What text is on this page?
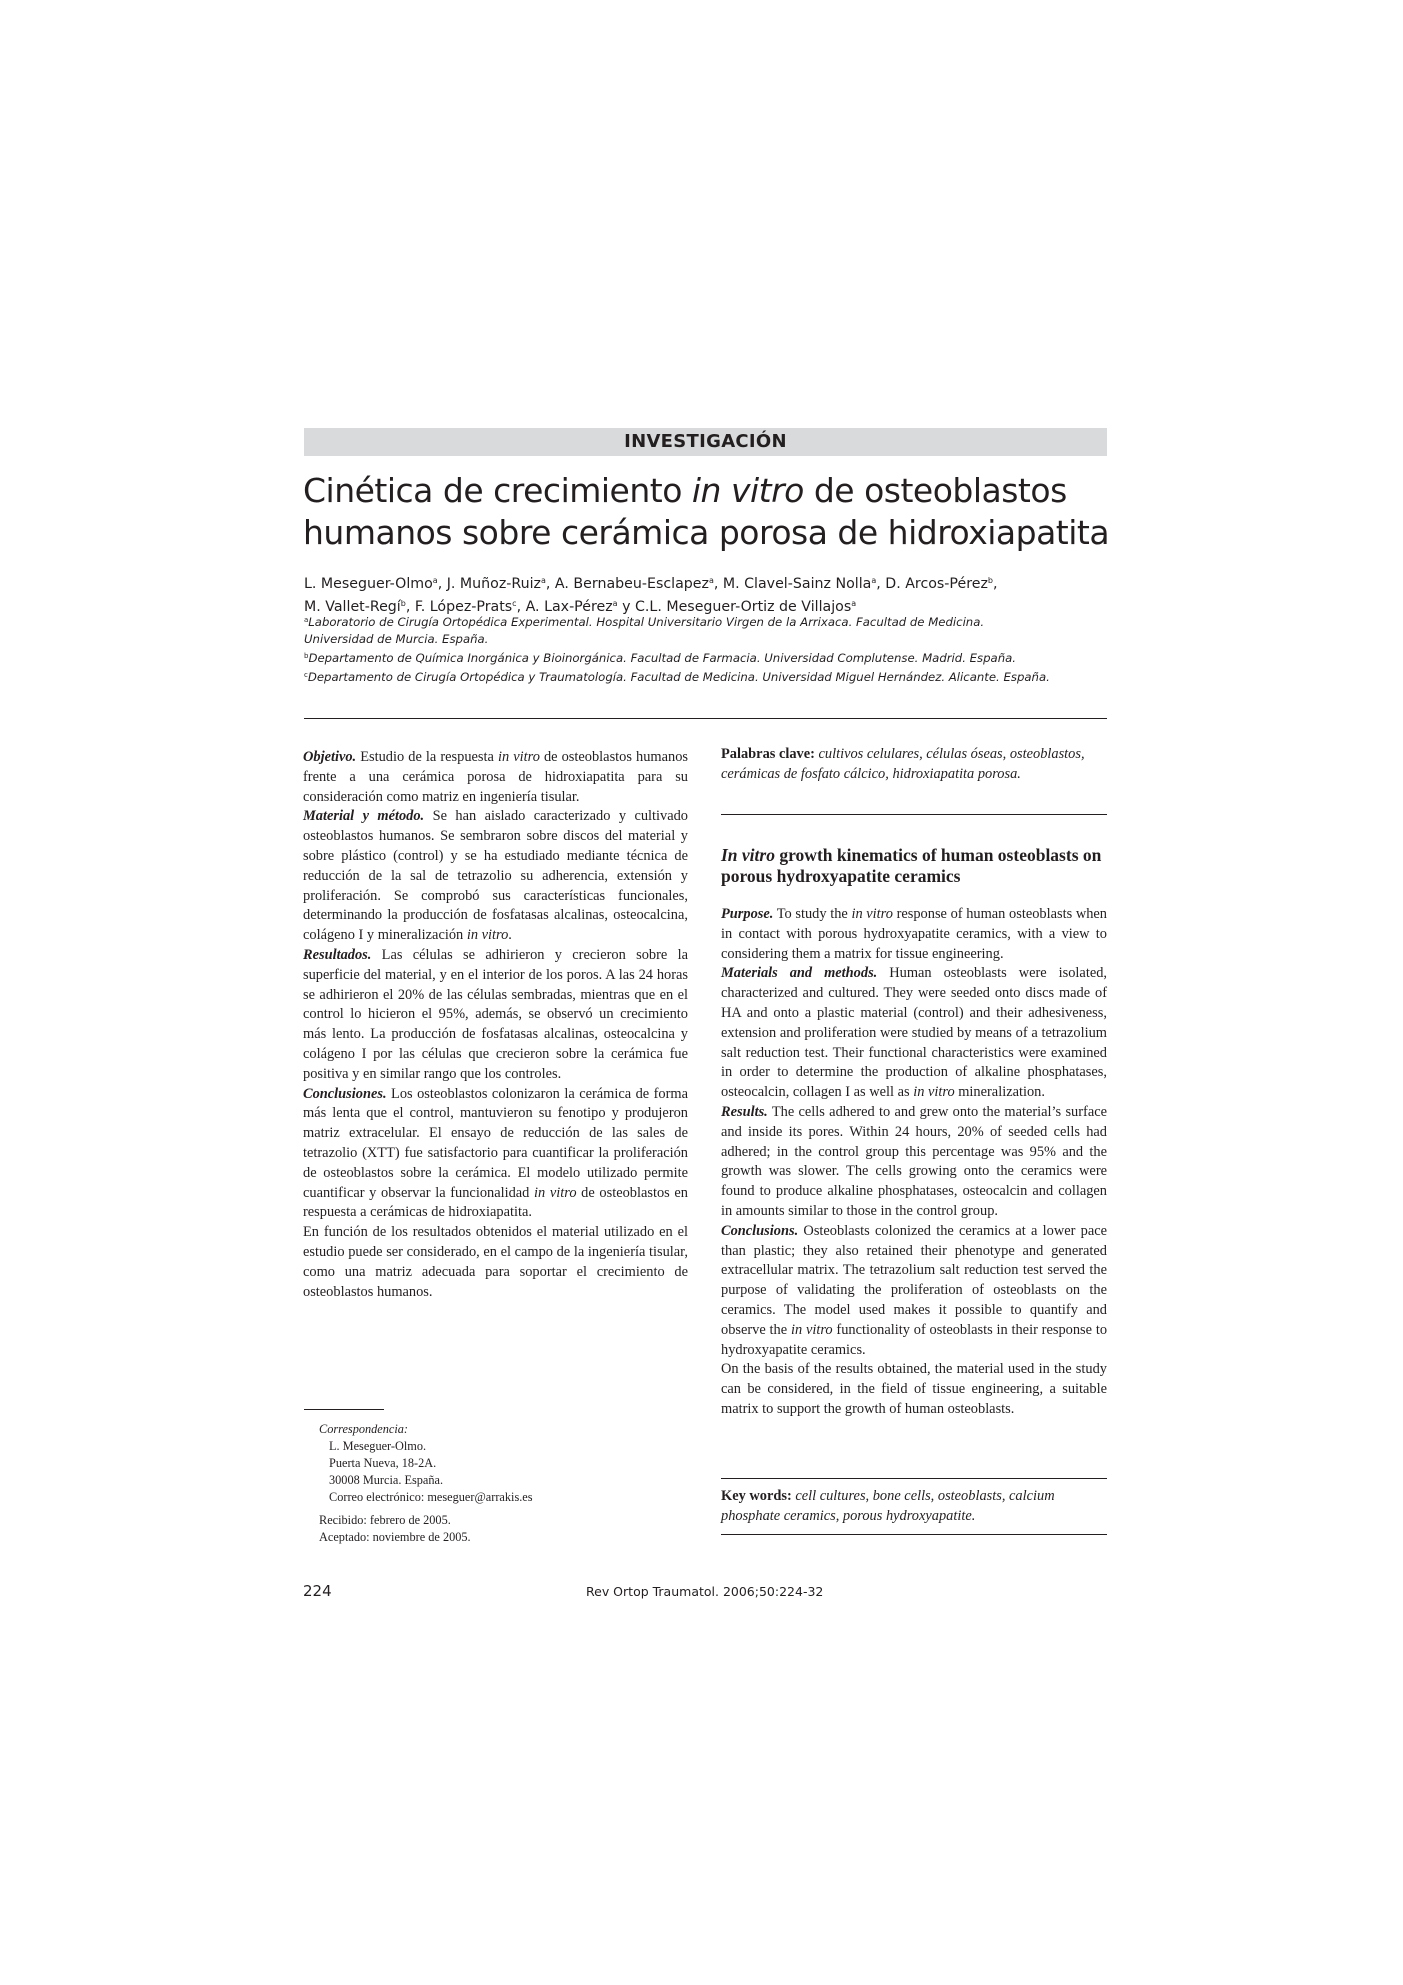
INVESTIGACIÓN
Cinética de crecimiento in vitro de osteoblastos
humanos sobre cerámica porosa de hidroxiapatita
L. Meseguer-Olmo$^a$, J. Muñoz-Ruiz$^a$, A. Bernabeu-Esclapez$^a$, M. Clavel-Sainz Nolla$^a$, D. Arcos-Pérez$^b$,
M. Vallet-Regí$^b$, F. López-Prats$^c$, A. Lax-Pérez$^a$ y C.L. Meseguer-Ortiz de Villajos$^a$
$^a$Laboratorio de Cirugía Ortopédica Experimental. Hospital Universitario Virgen de la Arrixaca. Facultad de Medicina.
Universidad de Murcia. España.
$^b$Departamento de Química Inorgánica y Bioinorgánica. Facultad de Farmacia. Universidad Complutense. Madrid. España.
$^c$Departamento de Cirugía Ortopédica y Traumatología. Facultad de Medicina. Universidad Miguel Hernández. Alicante. España.

Objetivo. Estudio de la respuesta in vitro de osteoblastos humanos frente a una cerámica porosa de hidroxiapatita para su consideración como matriz en ingeniería tisular.

Material y método. Se han aislado caracterizado y cultivado osteoblastos humanos. Se sembraron sobre discos del material y sobre plástico (control) y se ha estudiado mediante técnica de reducción de la sal de tetrazolio su adherencia, extensión y proliferación. Se comprobó sus características funcionales, determinando la producción de fosfatasas alcalinas, osteocalcina, colágeno I y mineralización in vitro.

Resultados. Las células se adhirieron y crecieron sobre la superficie del material, y en el interior de los poros. A las 24 horas se adhirieron el 20% de las células sembradas, mientras que en el control lo hicieron el 95%, además, se observó un crecimiento más lento. La producción de fosfatasas alcalinas, osteocalcina y colágeno I por las células que crecieron sobre la cerámica fue positiva y en similar rango que los controles.

Conclusiones. Los osteoblastos colonizaron la cerámica de forma más lenta que el control, mantuvieron su fenotipo y produjeron matriz extracelular. El ensayo de reducción de las sales de tetrazolio (XTT) fue satisfactorio para cuantificar la proliferación de osteoblastos sobre la cerámica. El modelo utilizado permite cuantificar y observar la funcionalidad in vitro de osteoblastos en respuesta a cerámicas de hidroxiapatita.

En función de los resultados obtenidos el material utilizado en el estudio puede ser considerado, en el campo de la ingeniería tisular, como una matriz adecuada para soportar el crecimiento de osteoblastos humanos.

Correspondencia:
L. Meseguer-Olmo.
Puerta Nueva, 18-2A.
30008 Murcia. España.
Correo electrónico: meseguer@arrakis.es
Recibido: febrero de 2005.
Aceptado: noviembre de 2005.

Palabras clave: cultivos celulares, células óseas, osteoblastos, cerámicas de fosfato cálcico, hidroxiapatita porosa.

In vitro growth kinematics of human osteoblasts on porous hydroxyapatite ceramics

Purpose. To study the in vitro response of human osteoblasts when in contact with porous hydroxyapatite ceramics, with a view to considering them a matrix for tissue engineering.

Materials and methods. Human osteoblasts were isolated, characterized and cultured. They were seeded onto discs made of HA and onto a plastic material (control) and their adhesiveness, extension and proliferation were studied by means of a tetrazolium salt reduction test. Their functional characteristics were examined in order to determine the production of alkaline phosphatases, osteocalcin, collagen I as well as in vitro mineralization.

Results. The cells adhered to and grew onto the material’s surface and inside its pores. Within 24 hours, 20% of seeded cells had adhered; in the control group this percentage was 95% and the growth was slower. The cells growing onto the ceramics were found to produce alkaline phosphatases, osteocalcin and collagen in amounts similar to those in the control group.

Conclusions. Osteoblasts colonized the ceramics at a lower pace than plastic; they also retained their phenotype and generated extracellular matrix. The tetrazolium salt reduction test served the purpose of validating the proliferation of osteoblasts on the ceramics. The model used makes it possible to quantify and observe the in vitro functionality of osteoblasts in their response to hydroxyapatite ceramics.

On the basis of the results obtained, the material used in the study can be considered, in the field of tissue engineering, a suitable matrix to support the growth of human osteoblasts.

Key words: cell cultures, bone cells, osteoblasts, calcium phosphate ceramics, porous hydroxyapatite.

224	Rev Ortop Traumatol. 2006;50:224-32
